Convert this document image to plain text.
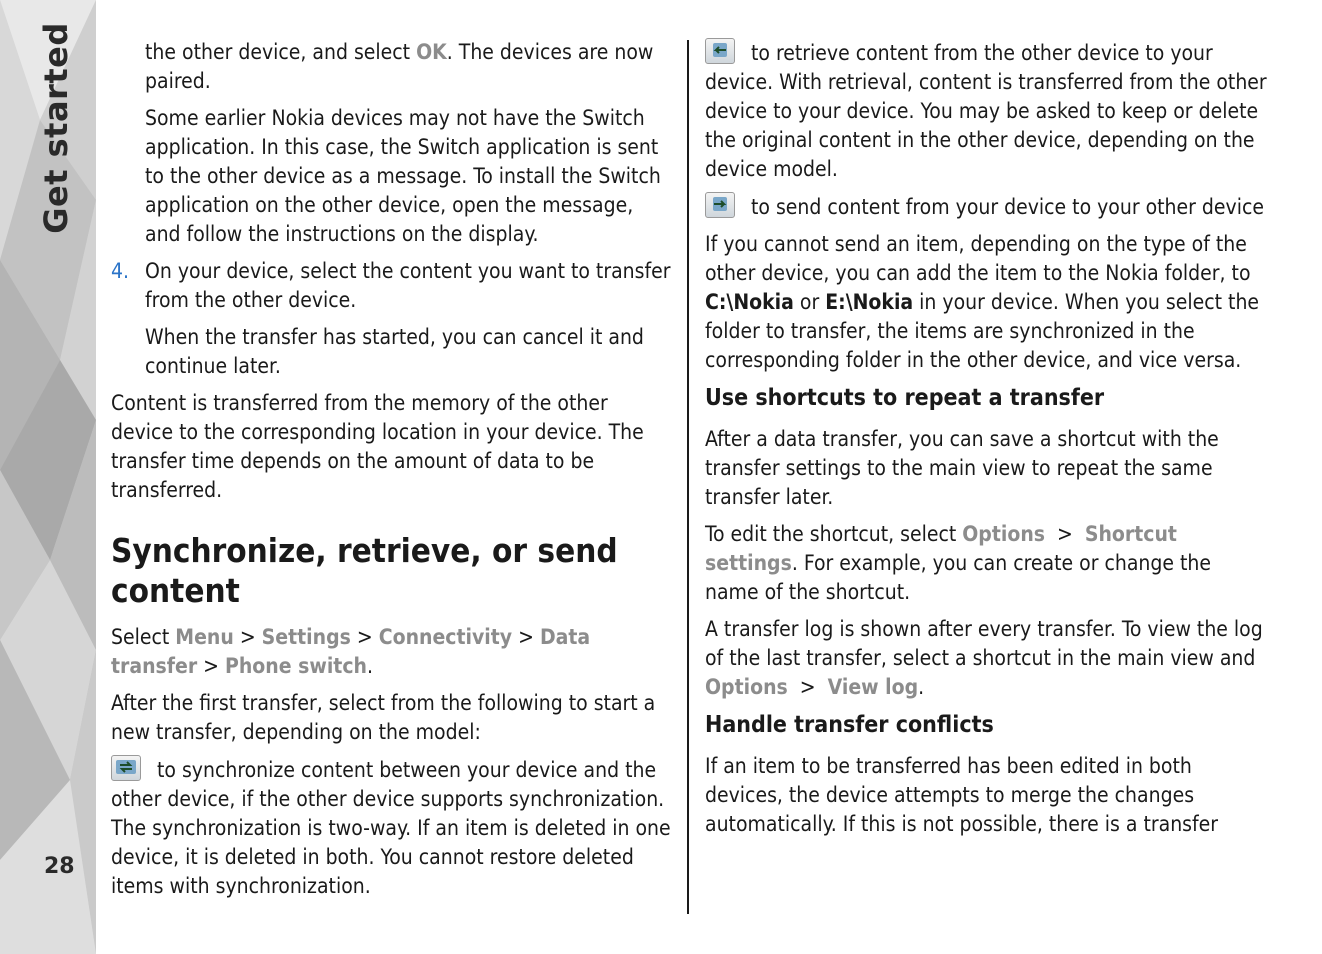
Get started
28

the other device, and select OK. The devices are now paired.

Some earlier Nokia devices may not have the Switch application. In this case, the Switch application is sent to the other device as a message. To install the Switch application on the other device, open the message, and follow the instructions on the display.

4. On your device, select the content you want to transfer from the other device.

When the transfer has started, you can cancel it and continue later.

Content is transferred from the memory of the other device to the corresponding location in your device. The transfer time depends on the amount of data to be transferred.

Synchronize, retrieve, or send content

Select Menu > Settings > Connectivity > Data transfer > Phone switch.

After the first transfer, select from the following to start a new transfer, depending on the model:

to synchronize content between your device and the other device, if the other device supports synchronization. The synchronization is two-way. If an item is deleted in one device, it is deleted in both. You cannot restore deleted items with synchronization.

to retrieve content from the other device to your device. With retrieval, content is transferred from the other device to your device. You may be asked to keep or delete the original content in the other device, depending on the device model.

to send content from your device to your other device

If you cannot send an item, depending on the type of the other device, you can add the item to the Nokia folder, to C:\Nokia or E:\Nokia in your device. When you select the folder to transfer, the items are synchronized in the corresponding folder in the other device, and vice versa.

Use shortcuts to repeat a transfer

After a data transfer, you can save a shortcut with the transfer settings to the main view to repeat the same transfer later.

To edit the shortcut, select Options  >  Shortcut settings. For example, you can create or change the name of the shortcut.

A transfer log is shown after every transfer. To view the log of the last transfer, select a shortcut in the main view and Options  >  View log.

Handle transfer conflicts

If an item to be transferred has been edited in both devices, the device attempts to merge the changes automatically. If this is not possible, there is a transfer
